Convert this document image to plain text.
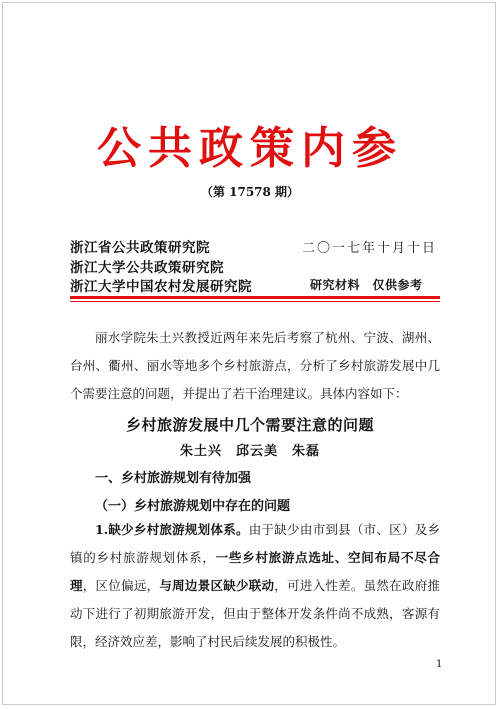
公共政策内参
（第 17578 期）
浙江省公共政策研究院
浙江大学公共政策研究院
浙江大学中国农村发展研究院
二〇一七年十月十日
研究材料　仅供参考
丽水学院朱土兴教授近两年来先后考察了杭州、宁波、湖州、台州、衢州、丽水等地多个乡村旅游点，分析了乡村旅游发展中几个需要注意的问题，并提出了若干治理建议。具体内容如下：
乡村旅游发展中几个需要注意的问题
朱土兴　邱云美　朱磊
一、乡村旅游规划有待加强
（一）乡村旅游规划中存在的问题
1.缺少乡村旅游规划体系。由于缺少由市到县（市、区）及乡镇的乡村旅游规划体系，一些乡村旅游点选址、空间布局不尽合理，区位偏远，与周边景区缺少联动，可进入性差。虽然在政府推动下进行了初期旅游开发，但由于整体开发条件尚不成熟，客源有限，经济效应差，影响了村民后续发展的积极性。
1
